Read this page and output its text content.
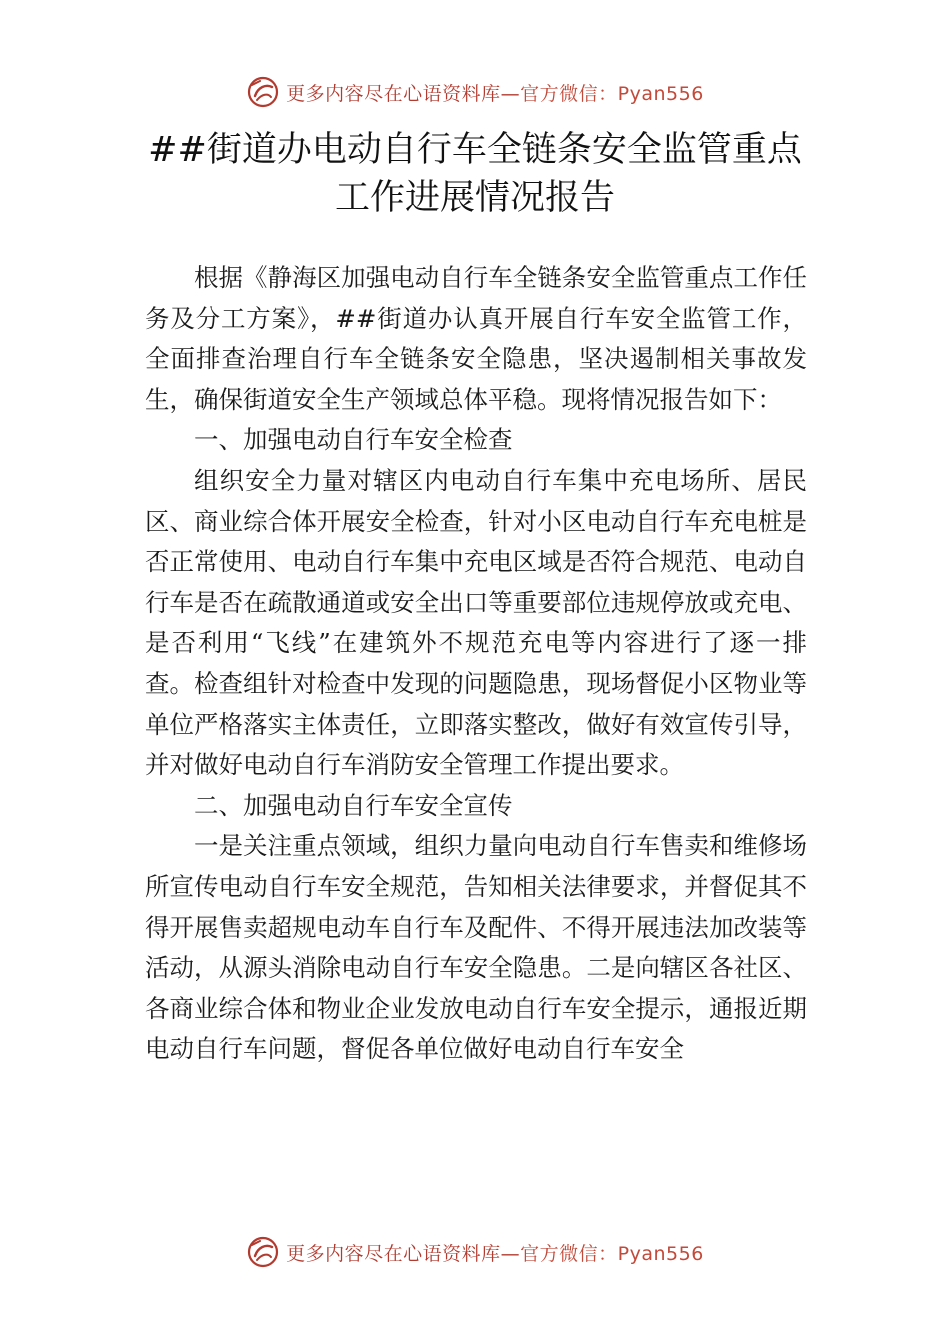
更多内容尽在心语资料库—官方微信：Pyan556
##街道办电动自行车全链条安全监管重点
工作进展情况报告

根据《静海区加强电动自行车全链条安全监管重点工作任务及分工方案》，##街道办认真开展自行车安全监管工作，全面排查治理自行车全链条安全隐患，坚决遏制相关事故发生，确保街道安全生产领域总体平稳。现将情况报告如下：

一、加强电动自行车安全检查

组织安全力量对辖区内电动自行车集中充电场所、居民区、商业综合体开展安全检查，针对小区电动自行车充电桩是否正常使用、电动自行车集中充电区域是否符合规范、电动自行车是否在疏散通道或安全出口等重要部位违规停放或充电、是否利用“飞线”在建筑外不规范充电等内容进行了逐一排查。检查组针对检查中发现的问题隐患，现场督促小区物业等单位严格落实主体责任，立即落实整改，做好有效宣传引导，并对做好电动自行车消防安全管理工作提出要求。

二、加强电动自行车安全宣传

一是关注重点领域，组织力量向电动自行车售卖和维修场所宣传电动自行车安全规范，告知相关法律要求，并督促其不得开展售卖超规电动车自行车及配件、不得开展违法加改装等活动，从源头消除电动自行车安全隐患。二是向辖区各社区、各商业综合体和物业企业发放电动自行车安全提示，通报近期电动自行车问题，督促各单位做好电动自行车安全

更多内容尽在心语资料库—官方微信：Pyan556
